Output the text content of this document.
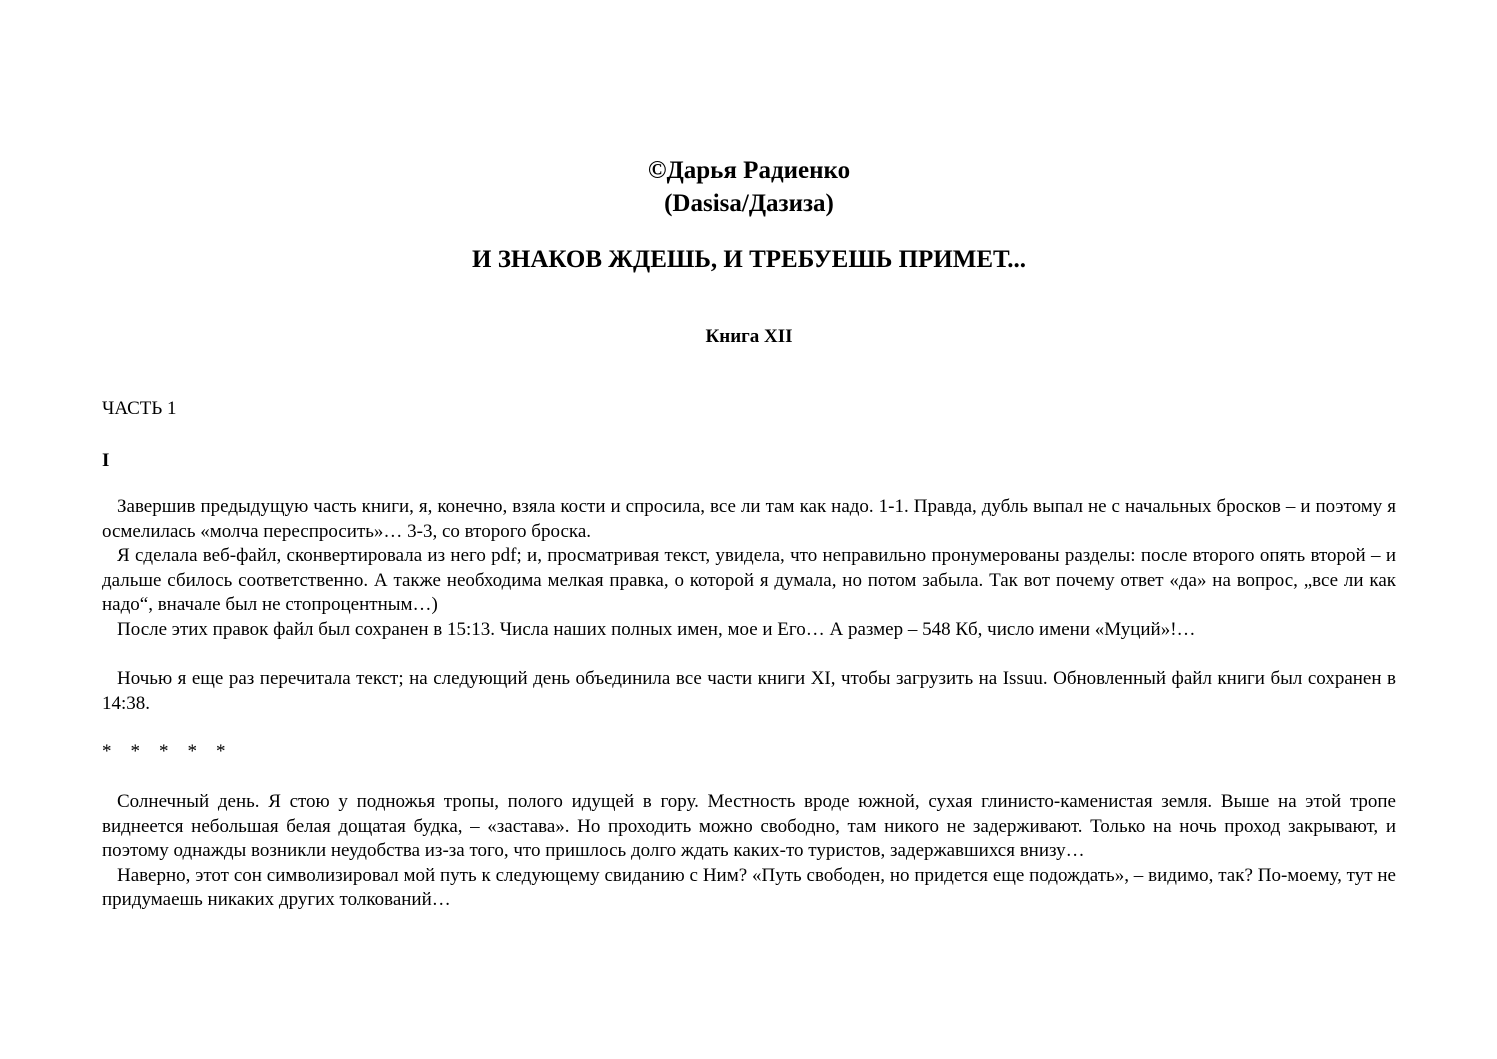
©Дарья Радиенко
(Dasisa/Дазиза)
И ЗНАКОВ ЖДЕШЬ, И ТРЕБУЕШЬ ПРИМЕТ...
Книга XII
ЧАСТЬ 1
I

Завершив предыдущую часть книги, я, конечно, взяла кости и спросила, все ли там как надо. 1-1. Правда, дубль выпал не с начальных бросков – и поэтому я осмелилась «молча переспросить»… 3-3, со второго броска.

Я сделала веб-файл, сконвертировала из него pdf; и, просматривая текст, увидела, что неправильно пронумерованы разделы: после второго опять второй – и дальше сбилось соответственно. А также необходима мелкая правка, о которой я думала, но потом забыла. Так вот почему ответ «да» на вопрос, „все ли как надо“, вначале был не стопроцентным…)

После этих правок файл был сохранен в 15:13. Числа наших полных имен, мое и Его… А размер – 548 Кб, число имени «Муций»!…

Ночью я еще раз перечитала текст; на следующий день объединила все части книги XI, чтобы загрузить на Issuu. Обновленный файл книги был сохранен в 14:38.

*    *    *    *    *

Солнечный день. Я стою у подножья тропы, полого идущей в гору. Местность вроде южной, сухая глинисто-каменистая земля. Выше на этой тропе виднеется небольшая белая дощатая будка, – «застава». Но проходить можно свободно, там никого не задерживают. Только на ночь проход закрывают, и поэтому однажды возникли неудобства из-за того, что пришлось долго ждать каких-то туристов, задержавшихся внизу…

Наверно, этот сон символизировал мой путь к следующему свиданию с Ним? «Путь свободен, но придется еще подождать», – видимо, так? По-моему, тут не придумаешь никаких других толкований…
